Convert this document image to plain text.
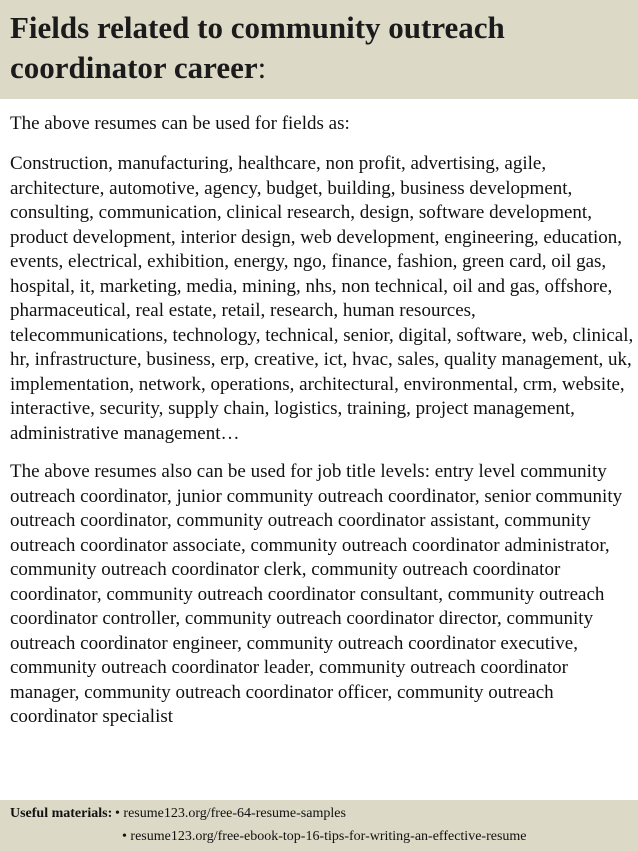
Fields related to community outreach coordinator career:
The above resumes can be used for fields as:
Construction, manufacturing, healthcare, non profit, advertising, agile, architecture, automotive, agency, budget, building, business development, consulting, communication, clinical research, design, software development, product development, interior design, web development, engineering, education, events, electrical, exhibition, energy, ngo, finance, fashion, green card, oil gas, hospital, it, marketing, media, mining, nhs, non technical, oil and gas, offshore, pharmaceutical, real estate, retail, research, human resources, telecommunications, technology, technical, senior, digital, software, web, clinical, hr, infrastructure, business, erp, creative, ict, hvac, sales, quality management, uk, implementation, network, operations, architectural, environmental, crm, website, interactive, security, supply chain, logistics, training, project management, administrative management…
The above resumes also can be used for job title levels: entry level community outreach coordinator, junior community outreach coordinator, senior community outreach coordinator, community outreach coordinator assistant, community outreach coordinator associate, community outreach coordinator administrator, community outreach coordinator clerk, community outreach coordinator coordinator, community outreach coordinator consultant, community outreach coordinator controller, community outreach coordinator director, community outreach coordinator engineer, community outreach coordinator executive, community outreach coordinator leader, community outreach coordinator manager, community outreach coordinator officer, community outreach coordinator specialist
Useful materials: • resume123.org/free-64-resume-samples
• resume123.org/free-ebook-top-16-tips-for-writing-an-effective-resume
